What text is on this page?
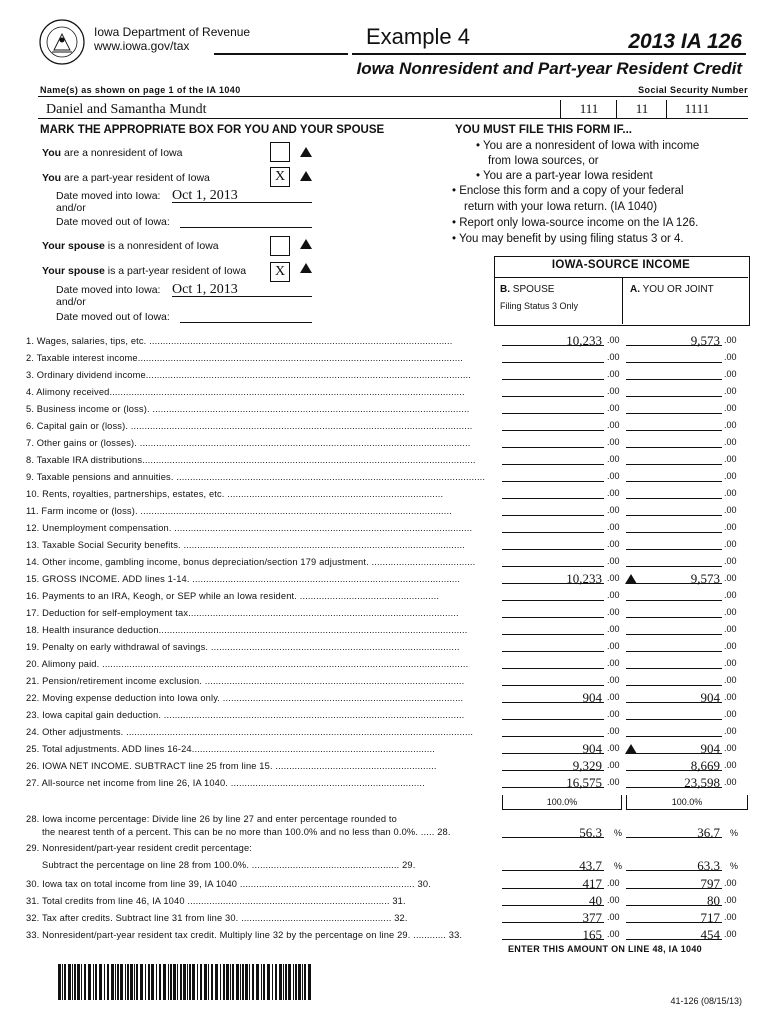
Iowa Department of Revenue
www.iowa.gov/tax	Example 4	2013 IA 126
Iowa Nonresident and Part-year Resident Credit
Name(s) as shown on page 1 of the IA 1040	Social Security Number
Daniel and Samantha Mundt	111	11	1111
MARK THE APPROPRIATE BOX FOR YOU AND YOUR SPOUSE
You are a nonresident of Iowa
You are a part-year resident of Iowa	X
Date moved into Iowa: Oct 1, 2013
and/or
Date moved out of Iowa:
Your spouse is a nonresident of Iowa
Your spouse is a part-year resident of Iowa	X
Date moved into Iowa: Oct 1, 2013
and/or
Date moved out of Iowa:
YOU MUST FILE THIS FORM IF...
• You are a nonresident of Iowa with income
from Iowa sources, or
• You are a part-year Iowa resident
• Enclose this form and a copy of your federal
return with your Iowa return. (IA 1040)
• Report only Iowa-source income on the IA 126.
• You may benefit by using filing status 3 or 4.
IOWA-SOURCE INCOME
B. SPOUSE
Filing Status 3 Only
A. YOU OR JOINT
1. Wages, salaries, tips, etc. ...............................................................................................................	10,233 .00	9,573 .00
2. Taxable interest income.......................................................................................................................	.00	.00
3. Ordinary dividend income.......................................................................................................................	.00	.00
4. Alimony received..................................................................................................................................	.00	.00
5. Business income or (loss). ....................................................................................................................	.00	.00
6. Capital gain or (loss). .............................................................................................................................	.00	.00
7. Other gains or (losses). .........................................................................................................................	.00	.00
8. Taxable IRA distributions..........................................................................................................................	.00	.00
9. Taxable pensions and annuities. .................................................................................................................	.00	.00
10. Rents, royalties, partnerships, estates, etc. ...............................................................................	.00	.00
11. Farm income or (loss). ..................................................................................................................	.00	.00
12. Unemployment compensation. .............................................................................................................	.00	.00
13. Taxable Social Security benefits. .......................................................................................................	.00	.00
14. Other income, gambling income, bonus depreciation/section 179 adjustment. ......................................	.00	.00
15. GROSS INCOME. ADD lines 1-14. ..................................................................................................	10,233 .00	9,573 .00
16. Payments to an IRA, Keogh, or SEP while an Iowa resident. ...................................................	.00	.00
17. Deduction for self-employment tax...................................................................................................	.00	.00
18. Health insurance deduction.................................................................................................................	.00	.00
19. Penalty on early withdrawal of savings. ...........................................................................................	.00	.00
20. Alimony paid. ......................................................................................................................................	.00	.00
21. Pension/retirement income exclusion. ...............................................................................................	.00	.00
22. Moving expense deduction into Iowa only. ........................................................................................	904 .00	904 .00
23. Iowa capital gain deduction. ..............................................................................................................	.00	.00
24. Other adjustments. ...............................................................................................................................	.00	.00
25. Total adjustments. ADD lines 16-24.........................................................................................	904 .00	904 .00
26. IOWA NET INCOME. SUBTRACT line 25 from line 15. ...........................................................	9,329 .00	8,669 .00
27. All-source net income from line 26, IA 1040. .......................................................................	16,575 .00	23,598 .00
100.0%	100.0%
28. Iowa income percentage: Divide line 26 by line 27 and enter percentage rounded to
the nearest tenth of a percent. This can be no more than 100.0% and no less than 0.0%. ..... 28.	56.3 %	36.7 %
29. Nonresident/part-year resident credit percentage:
Subtract the percentage on line 28 from 100.0%. ...................................................... 29.	43.7 %	63.3 %
30. Iowa tax on total income from line 39, IA 1040 ................................................................ 30.	417 .00	797 .00
31. Total credits from line 46, IA 1040 .......................................................................... 31.	40 .00	80 .00
32. Tax after credits. Subtract line 31 from line 30. ....................................................... 32.	377 .00	717 .00
33. Nonresident/part-year resident tax credit. Multiply line 32 by the percentage on line 29. ............ 33.	165 .00	454 .00
ENTER THIS AMOUNT ON LINE 48, IA 1040
41-126 (08/15/13)
